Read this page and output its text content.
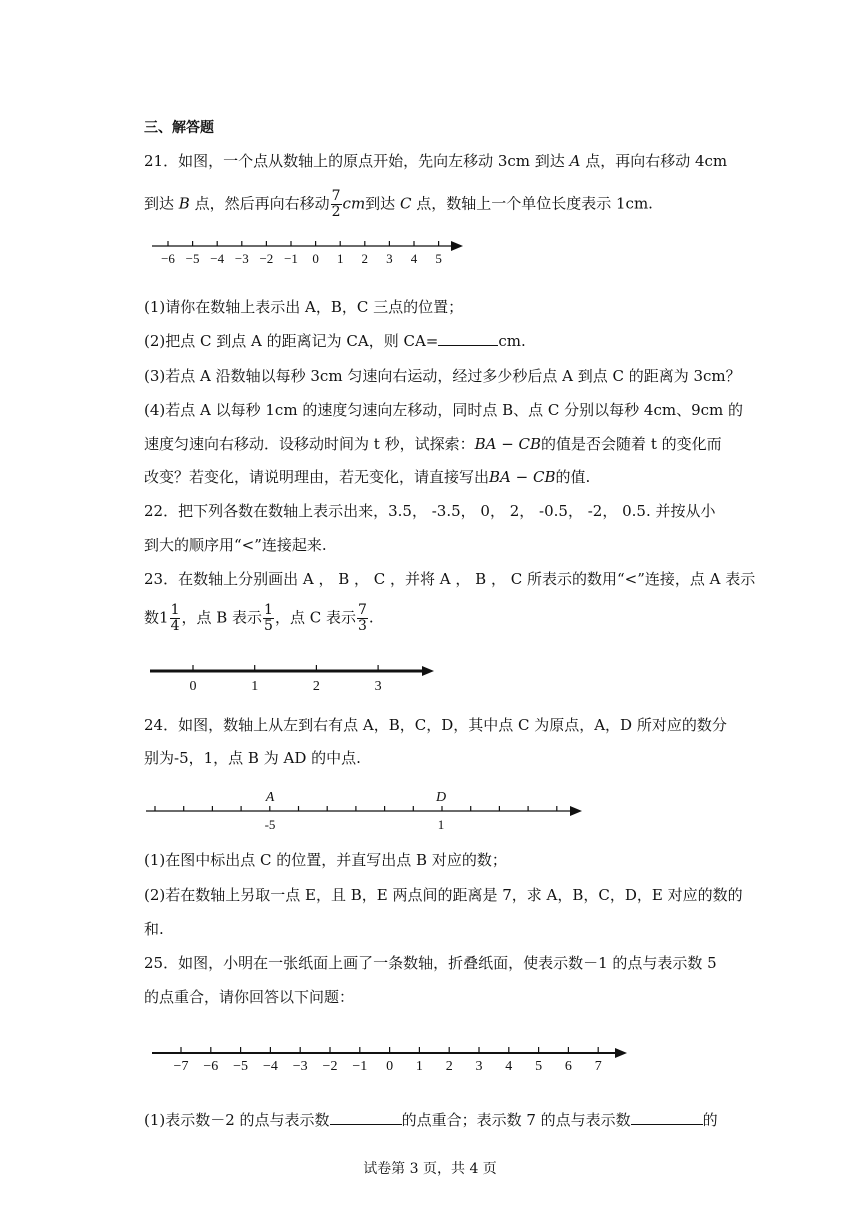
三、解答题
21．如图，一个点从数轴上的原点开始，先向左移动 3cm 到达 A 点，再向右移动 4cm
到达 B 点，然后再向右移动 $\frac{7}{2}$ cm到达 C 点，数轴上一个单位长度表示 1cm.
−6 −5 −4 −3 −2 −1 0 1 2 3 4 5
0	1	2	3
A	D
-5	1
−7 −6 −5 −4 −3 −2 −1 0 1 2 3 4 5 6 7
(1)请你在数轴上表示出 A，B，C 三点的位置；
(2)把点 C 到点 A 的距离记为 CA，则 CA=	cm.
(3)若点 A 沿数轴以每秒 3cm 匀速向右运动，经过多少秒后点 A 到点 C 的距离为 3cm？
(4)若点 A 以每秒 1cm 的速度匀速向左移动，同时点 B、点 C 分别以每秒 4cm、9cm 的
速度匀速向右移动．设移动时间为 t 秒，试探索：BA − CB的值是否会随着 t 的变化而
改变？若变化，请说明理由，若无变化，请直接写出BA − CB的值.
22．把下列各数在数轴上表示出来，3.5， -3.5， 0， 2， -0.5， -2， 0.5. 并按从小
到大的顺序用“<”连接起来.
23．在数轴上分别画出 A ， B ， C ，并将 A ， B ， C 所表示的数用“<”连接，点 A 表示
数$1 \frac{1}{4}$ ，点 B 表示 $\frac{1}{5}$ ，点 C 表示 $\frac{7}{3}$ .
24．如图，数轴上从左到右有点 A，B，C，D，其中点 C 为原点，A，D 所对应的数分
别为-5，1，点 B 为 AD 的中点.
(1)在图中标出点 C 的位置，并直写出点 B 对应的数；
(2)若在数轴上另取一点 E，且 B，E 两点间的距离是 7，求 A，B，C，D，E 对应的数的
和.
25．如图，小明在一张纸面上画了一条数轴，折叠纸面，使表示数－1 的点与表示数 5
的点重合，请你回答以下问题：
(1)表示数－2 的点与表示数	的点重合；表示数 7 的点与表示数	的
试卷第 3 页，共 4 页
